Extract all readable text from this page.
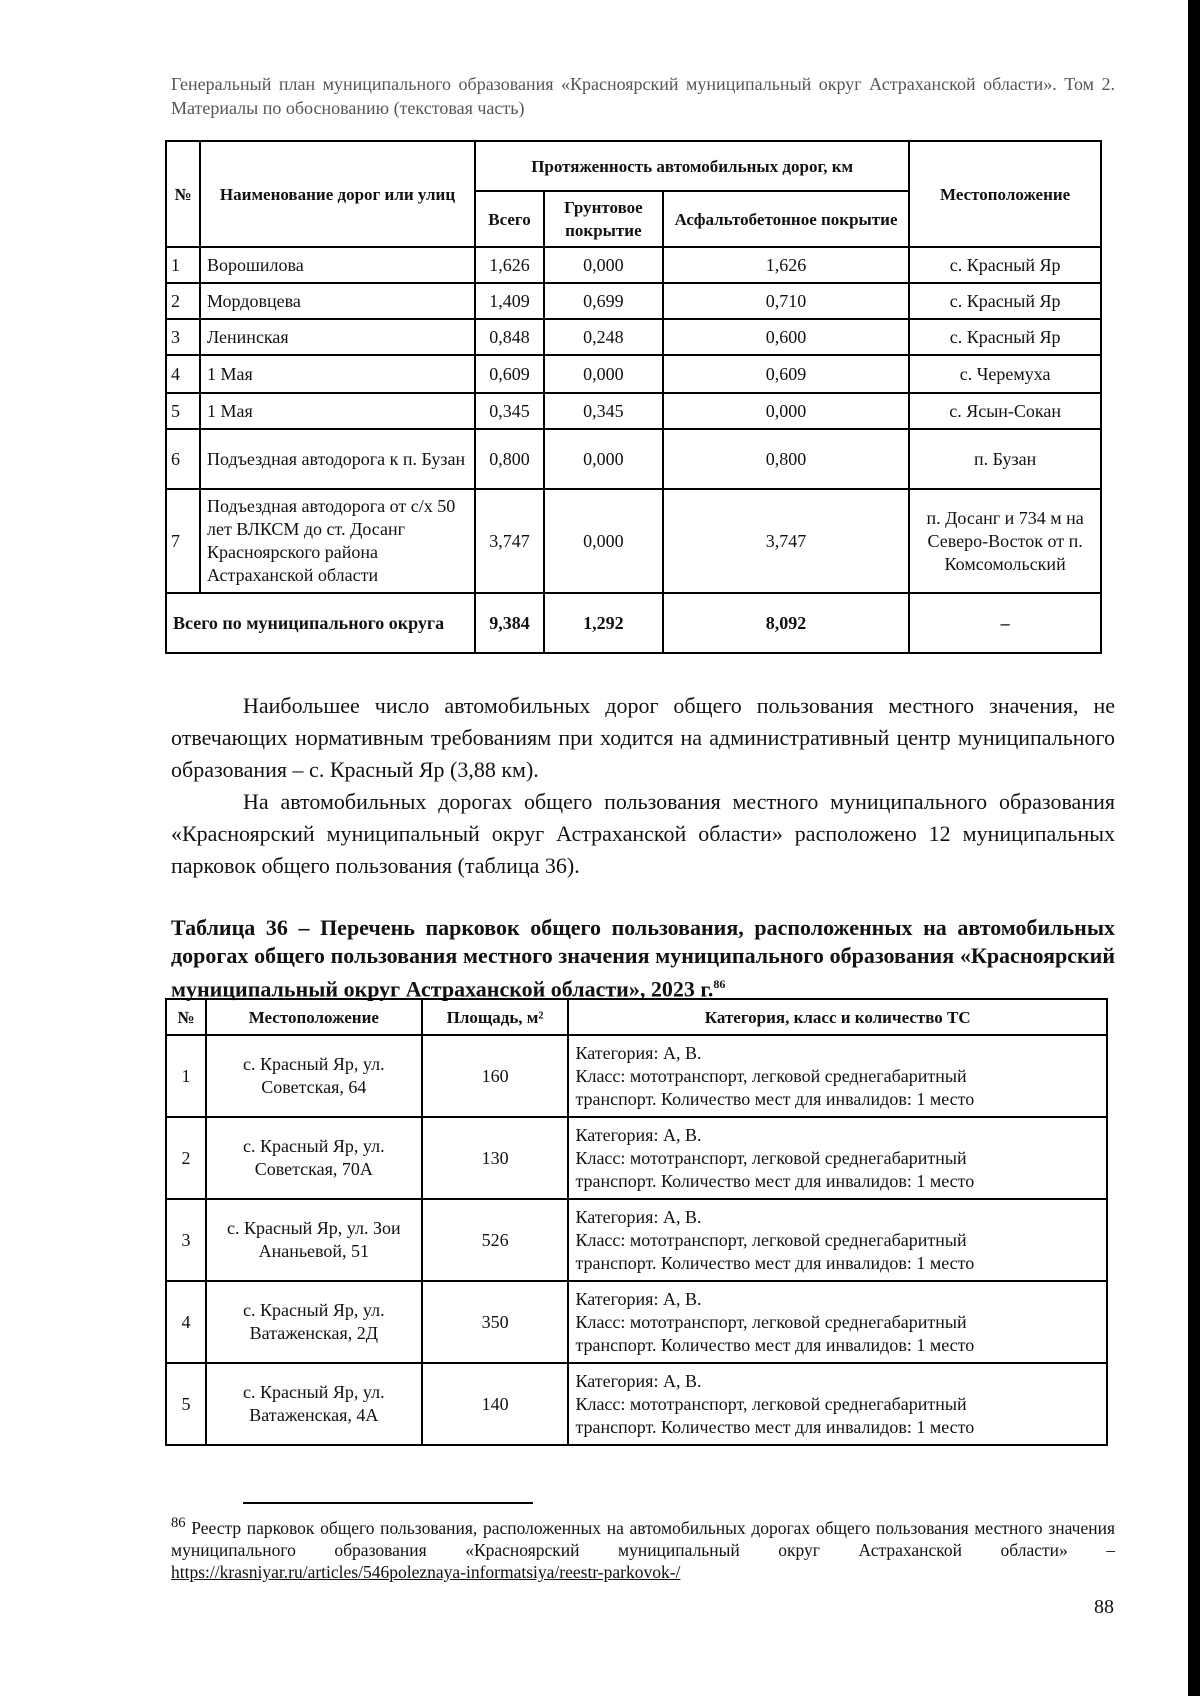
Генеральный план муниципального образования «Красноярский муниципальный округ Астраханской области». Том 2. Материалы по обоснованию (текстовая часть)
№	Наименование дорог или улиц	Протяженность автомобильных дорог, км			Местоположение
		Всего	Грунтовое покрытие	Асфальтобетонное покрытие	
1	Ворошилова	1,626	0,000	1,626	с. Красный Яр
2	Мордовцева	1,409	0,699	0,710	с. Красный Яр
3	Ленинская	0,848	0,248	0,600	с. Красный Яр
4	1 Мая	0,609	0,000	0,609	с. Черемуха
5	1 Мая	0,345	0,345	0,000	с. Ясын-Сокан
6	Подъездная автодорога к п. Бузан	0,800	0,000	0,800	п. Бузан
7	Подъездная автодорога от с/х 50 лет ВЛКСМ до ст. Досанг Красноярского района Астраханской области	3,747	0,000	3,747	п. Досанг и 734 м на Северо-Восток от п. Комсомольский
Всего по муниципального округа		9,384	1,292	8,092	–

Наибольшее число автомобильных дорог общего пользования местного значения, не отвечающих нормативным требованиям при ходится на административный центр муниципального образования – с. Красный Яр (3,88 км).

На автомобильных дорогах общего пользования местного муниципального образования «Красноярский муниципальный округ Астраханской области» расположено 12 муниципальных парковок общего пользования (таблица 36).

Таблица 36 – Перечень парковок общего пользования, расположенных на автомобильных дорогах общего пользования местного значения муниципального образования «Красноярский муниципальный округ Астраханской области», 2023 г.$^{86}$
№	Местоположение	Площадь, м²	Категория, класс и количество ТС
1	с. Красный Яр, ул. Советская, 64	160	Категория: А, В.
Класс: мототранспорт, легковой среднегабаритный
транспорт. Количество мест для инвалидов: 1 место

2	с. Красный Яр, ул. Советская, 70А	130	Категория: А, В.
Класс: мототранспорт, легковой среднегабаритный
транспорт. Количество мест для инвалидов: 1 место

3	с. Красный Яр, ул. Зои Ананьевой, 51	526	Категория: А, В.
Класс: мототранспорт, легковой среднегабаритный
транспорт. Количество мест для инвалидов: 1 место

4	с. Красный Яр, ул. Ватаженская, 2Д	350	Категория: А, В.
Класс: мототранспорт, легковой среднегабаритный
транспорт. Количество мест для инвалидов: 1 место

5	с. Красный Яр, ул. Ватаженская, 4А	140	Категория: А, В.
Класс: мототранспорт, легковой среднегабаритный
транспорт. Количество мест для инвалидов: 1 место
$^{86}$ Реестр парковок общего пользования, расположенных на автомобильных дорогах общего пользования местного значения муниципального образования «Красноярский муниципальный округ Астраханской области» – https://krasniyar.ru/articles/546poleznaya-informatsiya/reestr-parkovok-/
88
